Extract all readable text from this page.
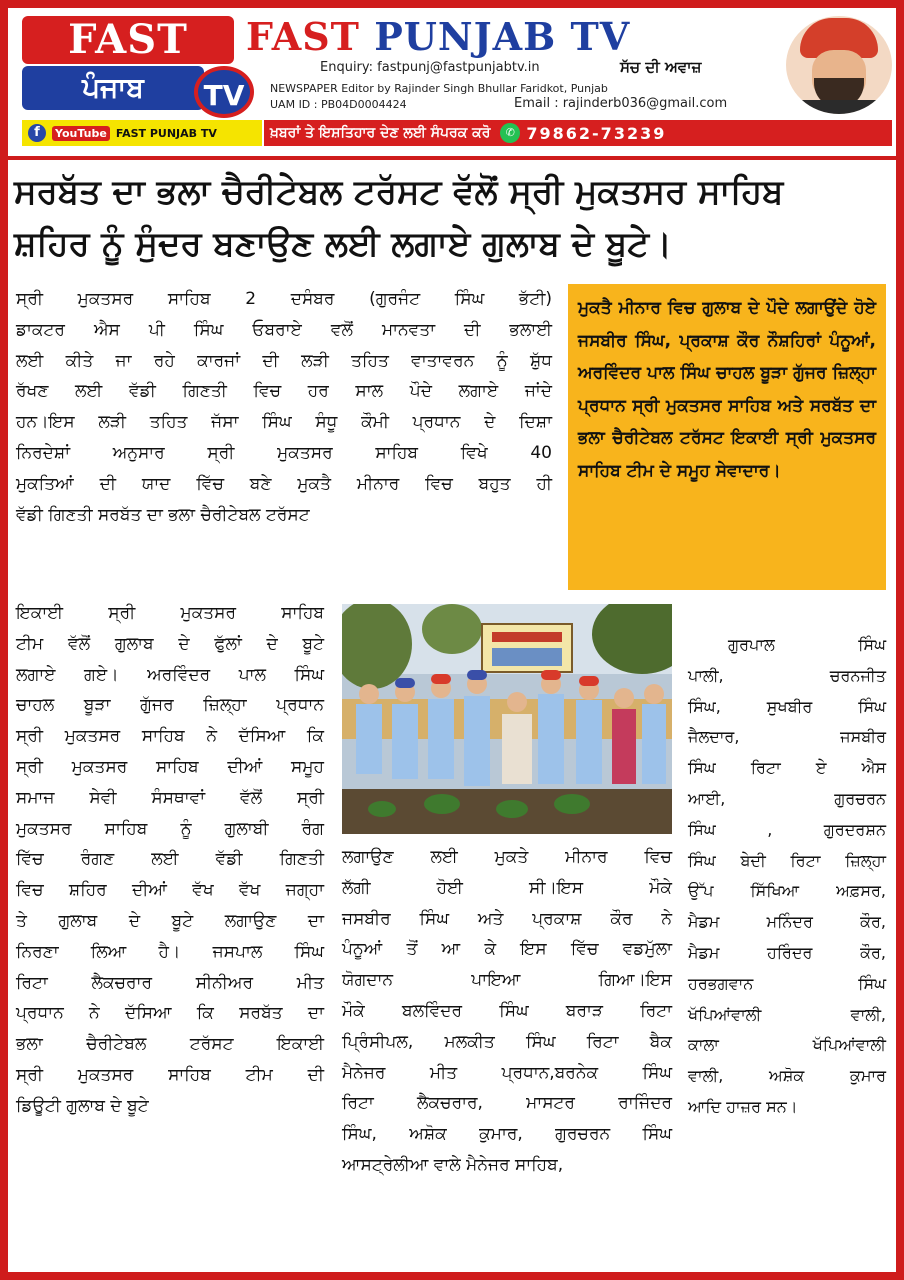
FAST
ਪੰਜਾਬ	TV
FAST PUNJAB TV
Enquiry: fastpunj@fastpunjabtv.in	ਸੱਚ ਦੀ ਅਵਾਜ਼
NEWSPAPER Editor by Rajinder Singh Bhullar Faridkot, Punjab
UAM ID : PB04D0004424	Email : rajinderb036@gmail.com
f	YouTube FAST PUNJAB TV	ਖ਼ਬਰਾਂ ਤੇ ਇਸ਼ਤਿਹਾਰ ਦੇਣ ਲਈ ਸੰਪਰਕ ਕਰੋ	✆ 79862-73239
ਸਰਬੱਤ ਦਾ ਭਲਾ ਚੈਰੀਟੇਬਲ ਟਰੱਸਟ ਵੱਲੋਂ ਸ੍ਰੀ ਮੁਕਤਸਰ ਸਾਹਿਬ
ਸ਼ਹਿਰ ਨੂੰ ਸੁੰਦਰ ਬਣਾਉਣ ਲਈ ਲਗਾਏ ਗੁਲਾਬ ਦੇ ਬੂਟੇ।
ਸ੍ਰੀ ਮੁਕਤਸਰ ਸਾਹਿਬ 2 ਦਸੰਬਰ (ਗੁਰਜੰਟ ਸਿੰਘ ਭੱਟੀ)
ਡਾਕਟਰ ਐਸ ਪੀ ਸਿੰਘ ਓਬਰਾਏ ਵਲੋਂ ਮਾਨਵਤਾ ਦੀ ਭਲਾਈ
ਲਈ ਕੀਤੇ ਜਾ ਰਹੇ ਕਾਰਜਾਂ ਦੀ ਲੜੀ ਤਹਿਤ ਵਾਤਾਵਰਨ ਨੂੰ ਸ਼ੁੱਧ
ਰੱਖਣ ਲਈ ਵੱਡੀ ਗਿਣਤੀ ਵਿਚ ਹਰ ਸਾਲ ਪੌਦੇ ਲਗਾਏ ਜਾਂਦੇ
ਹਨ।ਇਸ ਲੜੀ ਤਹਿਤ ਜੱਸਾ ਸਿੰਘ ਸੰਧੂ ਕੌਮੀ ਪ੍ਰਧਾਨ ਦੇ ਦਿਸ਼ਾ
ਨਿਰਦੇਸ਼ਾਂ ਅਨੁਸਾਰ ਸ੍ਰੀ ਮੁਕਤਸਰ ਸਾਹਿਬ ਵਿਖੇ 40
ਮੁਕਤਿਆਂ ਦੀ ਯਾਦ ਵਿੱਚ ਬਣੇ ਮੁਕਤੈ ਮੀਨਾਰ ਵਿਚ ਬਹੁਤ ਹੀ
ਵੱਡੀ ਗਿਣਤੀ ਸਰਬੱਤ ਦਾ ਭਲਾ ਚੈਰੀਟੇਬਲ ਟਰੱਸਟ
ਮੁਕਤੈ ਮੀਨਾਰ ਵਿਚ ਗੁਲਾਬ ਦੇ ਪੌਦੇ ਲਗਾਉਂਦੇ ਹੋਏ ਜਸਬੀਰ ਸਿੰਘ, ਪ੍ਰਕਾਸ਼ ਕੌਰ ਨੌਸ਼ਹਿਰਾਂ ਪੰਨੂਆਂ, ਅਰਵਿੰਦਰ ਪਾਲ ਸਿੰਘ ਚਾਹਲ ਬੂੜਾ ਗੁੱਜਰ ਜ਼ਿਲ੍ਹਾ ਪ੍ਰਧਾਨ ਸ੍ਰੀ ਮੁਕਤਸਰ ਸਾਹਿਬ ਅਤੇ ਸਰਬੱਤ ਦਾ ਭਲਾ ਚੈਰੀਟੇਬਲ ਟਰੱਸਟ ਇਕਾਈ ਸ੍ਰੀ ਮੁਕਤਸਰ ਸਾਹਿਬ ਟੀਮ ਦੇ ਸਮੂਹ ਸੇਵਾਦਾਰ।
ਇਕਾਈ ਸ੍ਰੀ ਮੁਕਤਸਰ ਸਾਹਿਬ
ਟੀਮ ਵੱਲੋਂ ਗੁਲਾਬ ਦੇ ਫੁੱਲਾਂ ਦੇ ਬੂਟੇ
ਲਗਾਏ ਗਏ। ਅਰਵਿੰਦਰ ਪਾਲ ਸਿੰਘ
ਚਾਹਲ ਬੂੜਾ ਗੁੱਜਰ ਜ਼ਿਲ੍ਹਾ ਪ੍ਰਧਾਨ
ਸ੍ਰੀ ਮੁਕਤਸਰ ਸਾਹਿਬ ਨੇ ਦੱਸਿਆ ਕਿ
ਸ੍ਰੀ ਮੁਕਤਸਰ ਸਾਹਿਬ ਦੀਆਂ ਸਮੂਹ
ਸਮਾਜ ਸੇਵੀ ਸੰਸਥਾਵਾਂ ਵੱਲੋਂ ਸ੍ਰੀ
ਮੁਕਤਸਰ ਸਾਹਿਬ ਨੂੰ ਗੁਲਾਬੀ ਰੰਗ
ਵਿੱਚ ਰੰਗਣ ਲਈ ਵੱਡੀ ਗਿਣਤੀ
ਵਿਚ ਸ਼ਹਿਰ ਦੀਆਂ ਵੱਖ ਵੱਖ ਜਗ੍ਹਾ
ਤੇ ਗੁਲਾਬ ਦੇ ਬੂਟੇ ਲਗਾਉਣ ਦਾ
ਨਿਰਣਾ ਲਿਆ ਹੈ। ਜਸਪਾਲ ਸਿੰਘ
ਰਿਟਾ ਲੈਕਚਰਾਰ ਸੀਨੀਅਰ ਮੀਤ
ਪ੍ਰਧਾਨ ਨੇ ਦੱਸਿਆ ਕਿ ਸਰਬੱਤ ਦਾ
ਭਲਾ ਚੈਰੀਟੇਬਲ ਟਰੱਸਟ ਇਕਾਈ
ਸ੍ਰੀ ਮੁਕਤਸਰ ਸਾਹਿਬ ਟੀਮ ਦੀ
ਡਿਊਟੀ ਗੁਲਾਬ ਦੇ ਬੂਟੇ
ਲਗਾਉਣ ਲਈ ਮੁਕਤੇ ਮੀਨਾਰ ਵਿਚ
ਲੱਗੀ ਹੋਈ ਸੀ।ਇਸ ਮੌਕੇ
ਜਸਬੀਰ ਸਿੰਘ ਅਤੇ ਪ੍ਰਕਾਸ਼ ਕੌਰ ਨੇ
ਪੰਨੂਆਂ ਤੋਂ ਆ ਕੇ ਇਸ ਵਿੱਚ ਵਡਮੁੱਲਾ
ਯੋਗਦਾਨ ਪਾਇਆ ਗਿਆ।ਇਸ
ਮੌਕੇ ਬਲਵਿੰਦਰ ਸਿੰਘ ਬਰਾੜ ਰਿਟਾ
ਪ੍ਰਿੰਸੀਪਲ, ਮਲਕੀਤ ਸਿੰਘ ਰਿਟਾ ਬੈਕ
ਮੈਨੇਜਰ ਮੀਤ ਪ੍ਰਧਾਨ,ਬਰਨੇਕ ਸਿੰਘ
ਰਿਟਾ ਲੈਕਚਰਾਰ, ਮਾਸਟਰ ਰਾਜਿੰਦਰ
ਸਿੰਘ, ਅਸ਼ੋਕ ਕੁਮਾਰ, ਗੁਰਚਰਨ ਸਿੰਘ
ਆਸਟ੍ਰੇਲੀਆ ਵਾਲੇ ਮੈਨੇਜਰ ਸਾਹਿਬ,
ਗੁਰਪਾਲ ਸਿੰਘ
ਪਾਲੀ, ਚਰਨਜੀਤ
ਸਿੰਘ, ਸੁਖਬੀਰ ਸਿੰਘ
ਜੈਲਦਾਰ, ਜਸਬੀਰ
ਸਿੰਘ ਰਿਟਾ ਏ ਐਸ
ਆਈ, ਗੁਰਚਰਨ
ਸਿੰਘ , ਗੁਰਦਰਸ਼ਨ
ਸਿੰਘ ਬੇਦੀ ਰਿਟਾ ਜ਼ਿਲ੍ਹਾ
ਉੱਪ ਸਿੱਖਿਆ ਅਫ਼ਸਰ,
ਮੈਡਮ ਮਨਿੰਦਰ ਕੌਰ,
ਮੈਡਮ ਹਰਿੰਦਰ ਕੌਰ,
ਹਰਭਗਵਾਨ ਸਿੰਘ
ਖੱਪਿਆਂਵਾਲੀ ਵਾਲੀ,
ਕਾਲਾ ਖੱਪਿਆਂਵਾਲੀ
ਵਾਲੀ, ਅਸ਼ੋਕ ਕੁਮਾਰ
ਆਦਿ ਹਾਜ਼ਰ ਸਨ।
